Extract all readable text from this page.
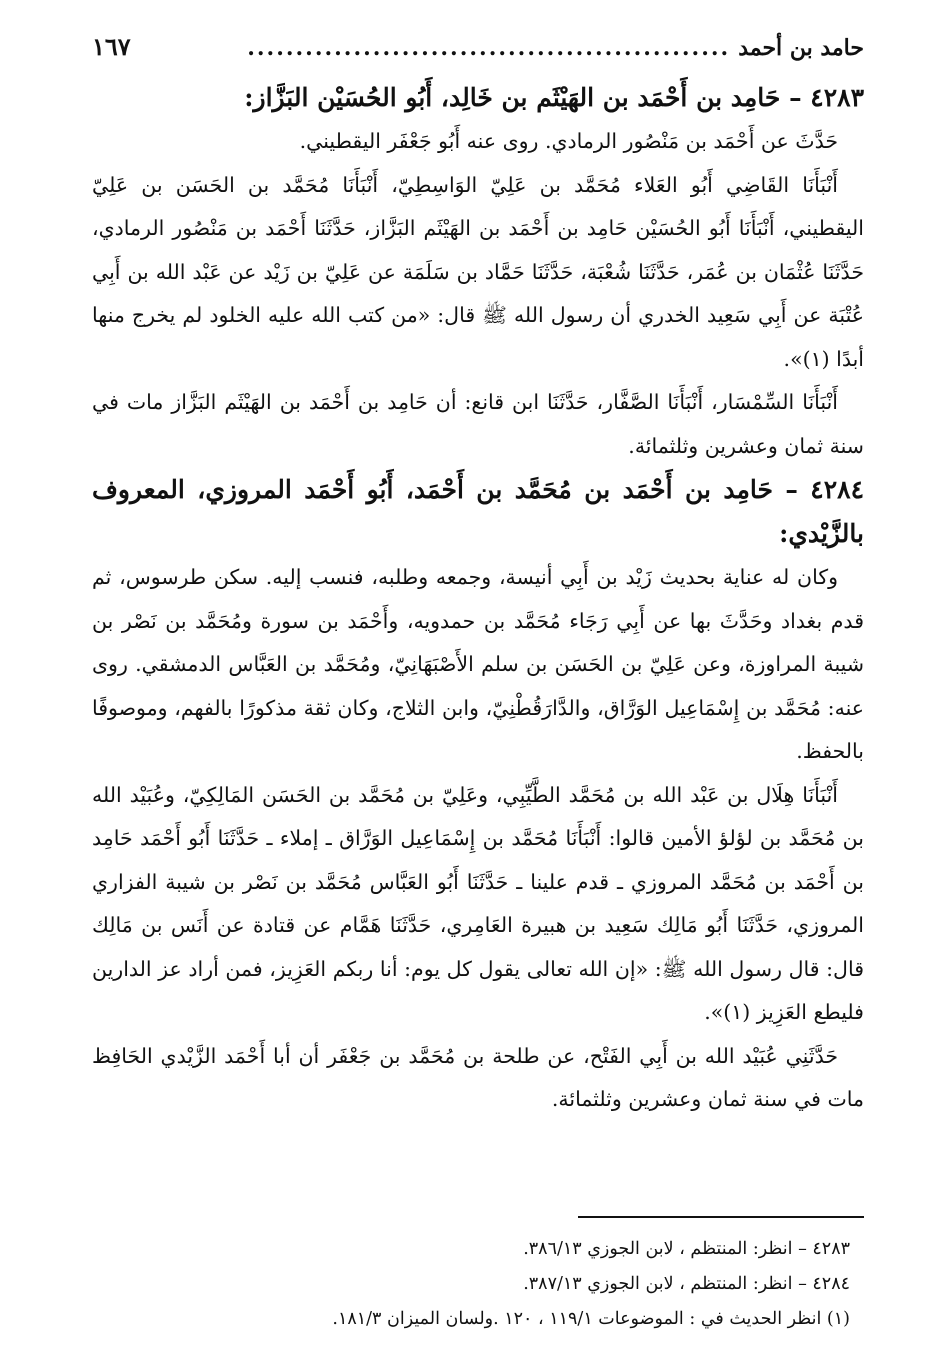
حامد بن أحمد
..................................................
١٦٧
٤٢٨٣ – حَامِد بن أَحْمَد بن الهَيْثَم بن خَالِد، أَبُو الحُسَيْن البَزَّاز:

حَدَّثَ عن أَحْمَد بن مَنْصُور الرمادي. روى عنه أَبُو جَعْفَر اليقطيني.

أَنْبَأَنَا القَاضِي أَبُو العَلاء مُحَمَّد بن عَلِيّ الوَاسِطِيّ، أَنْبَأَنَا مُحَمَّد بن الحَسَن بن عَلِيّ اليقطيني، أَنْبَأَنَا أَبُو الحُسَيْن حَامِد بن أَحْمَد بن الهَيْثَم البَزَّاز، حَدَّثَنَا أَحْمَد بن مَنْصُور الرمادي، حَدَّثَنَا عُثْمَان بن عُمَر، حَدَّثَنَا شُعْبَة، حَدَّثَنَا حَمَّاد بن سَلَمَة عن عَلِيّ بن زَيْد عن عَبْد الله بن أَبِي عُتْبَة عن أَبِي سَعِيد الخدري أن رسول الله ﷺ قال: «من كتب الله عليه الخلود لم يخرج منها أبدًا (١)».

أَنْبَأَنَا السِّمْسَار، أَنْبَأَنَا الصَّفَّار، حَدَّثَنَا ابن قانع: أن حَامِد بن أَحْمَد بن الهَيْثَم البَزَّاز مات في سنة ثمان وعشرين وثلثمائة.

٤٢٨٤ – حَامِد بن أَحْمَد بن مُحَمَّد بن أَحْمَد، أَبُو أَحْمَد المروزي، المعروف بالزَّيْدي:

وكان له عناية بحديث زَيْد بن أَبِي أنيسة، وجمعه وطلبه، فنسب إليه. سكن طرسوس، ثم قدم بغداد وحَدَّثَ بها عن أَبِي رَجَاء مُحَمَّد بن حمدويه، وأَحْمَد بن سورة ومُحَمَّد بن نَصْر بن شيبة المراوزة، وعن عَلِيّ بن الحَسَن بن سلم الأَصْبَهَانِيّ، ومُحَمَّد بن العَبَّاس الدمشقي. روى عنه: مُحَمَّد بن إِسْمَاعِيل الوَرَّاق، والدَّارَقُطْنِيّ، وابن الثلاج، وكان ثقة مذكورًا بالفهم، وموصوفًا بالحفظ.

أَنْبَأَنَا هِلَال بن عَبْد الله بن مُحَمَّد الطَّيِّبِي، وعَلِيّ بن مُحَمَّد بن الحَسَن المَالِكِيّ، وعُبَيْد الله بن مُحَمَّد بن لؤلؤ الأمين قالوا: أَنْبَأَنَا مُحَمَّد بن إِسْمَاعِيل الوَرَّاق ـ إملاء ـ حَدَّثَنَا أَبُو أَحْمَد حَامِد بن أَحْمَد بن مُحَمَّد المروزي ـ قدم علينا ـ حَدَّثَنَا أَبُو العَبَّاس مُحَمَّد بن نَصْر بن شيبة الفزاري المروزي، حَدَّثَنَا أَبُو مَالِك سَعِيد بن هبيرة العَامِري، حَدَّثَنَا هَمَّام عن قتادة عن أَنَس بن مَالِك قال: قال رسول الله ﷺ: «إن الله تعالى يقول كل يوم: أنا ربكم العَزِيز، فمن أراد عز الدارين فليطع العَزِيز (١)».

حَدَّثَنِي عُبَيْد الله بن أَبِي الفَتْح، عن طلحة بن مُحَمَّد بن جَعْفَر أن أبا أَحْمَد الزَّيْدي الحَافِظ مات في سنة ثمان وعشرين وثلثمائة.

٤٢٨٣ – انظر: المنتظم ، لابن الجوزي ٣٨٦/١٣.

٤٢٨٤ – انظر: المنتظم ، لابن الجوزي ٣٨٧/١٣.

(١) انظر الحديث في : الموضوعات ١١٩/١ ، ١٢٠ .ولسان الميزان ١٨١/٣.
